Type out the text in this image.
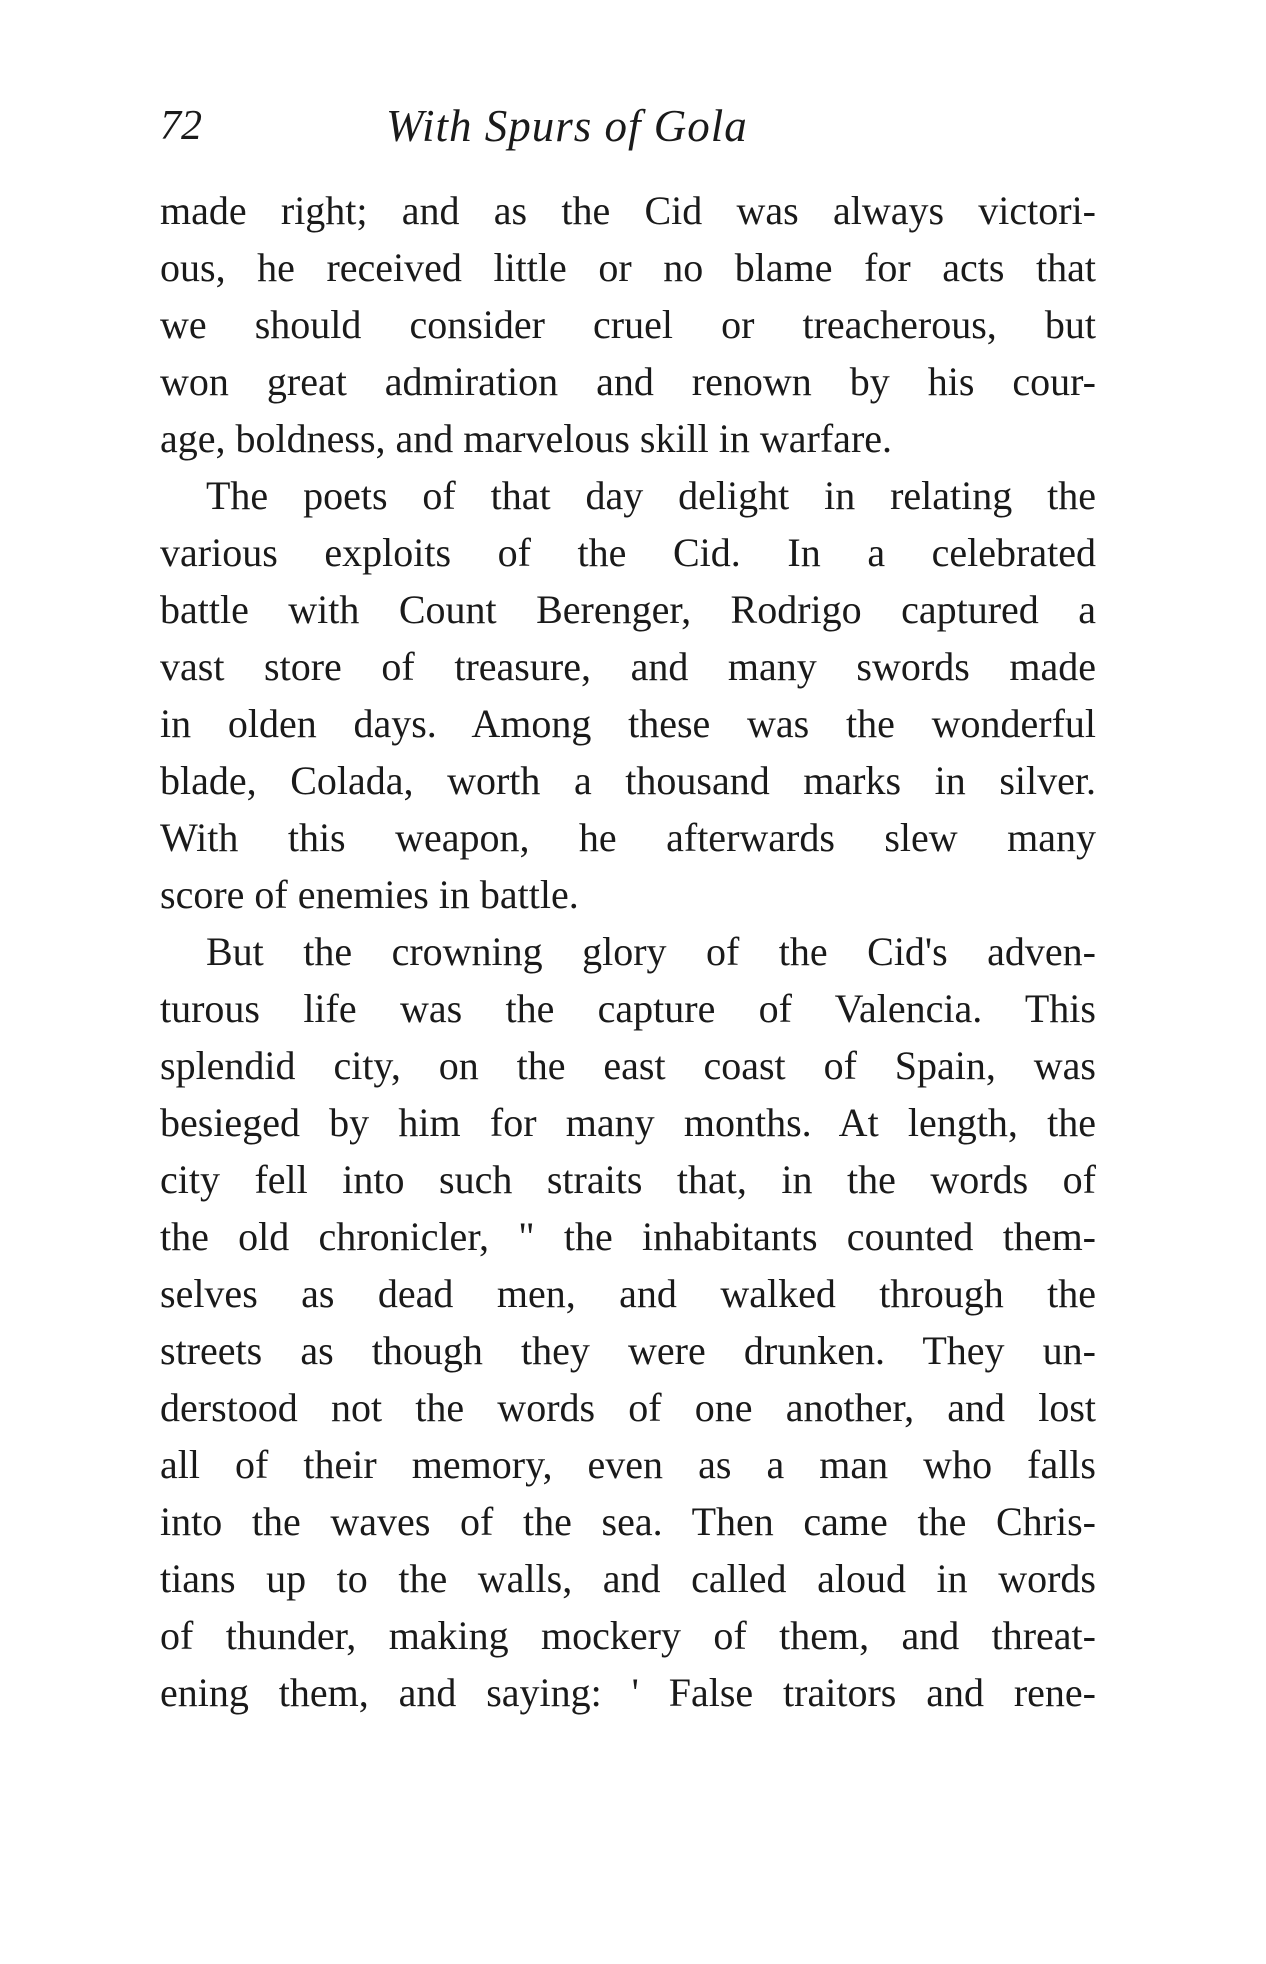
72	With Spurs of Gola
made right; and as the Cid was always victori-
ous, he received little or no blame for acts that
we should consider cruel or treacherous, but
won great admiration and renown by his cour-
age, boldness, and marvelous skill in warfare.
The poets of that day delight in relating the
various exploits of the Cid. In a celebrated
battle with Count Berenger, Rodrigo captured a
vast store of treasure, and many swords made
in olden days. Among these was the wonderful
blade, Colada, worth a thousand marks in silver.
With this weapon, he afterwards slew many
score of enemies in battle.
But the crowning glory of the Cid's adven-
turous life was the capture of Valencia. This
splendid city, on the east coast of Spain, was
besieged by him for many months. At length, the
city fell into such straits that, in the words of
the old chronicler, " the inhabitants counted them-
selves as dead men, and walked through the
streets as though they were drunken. They un-
derstood not the words of one another, and lost
all of their memory, even as a man who falls
into the waves of the sea. Then came the Chris-
tians up to the walls, and called aloud in words
of thunder, making mockery of them, and threat-
ening them, and saying: ' False traitors and rene-
